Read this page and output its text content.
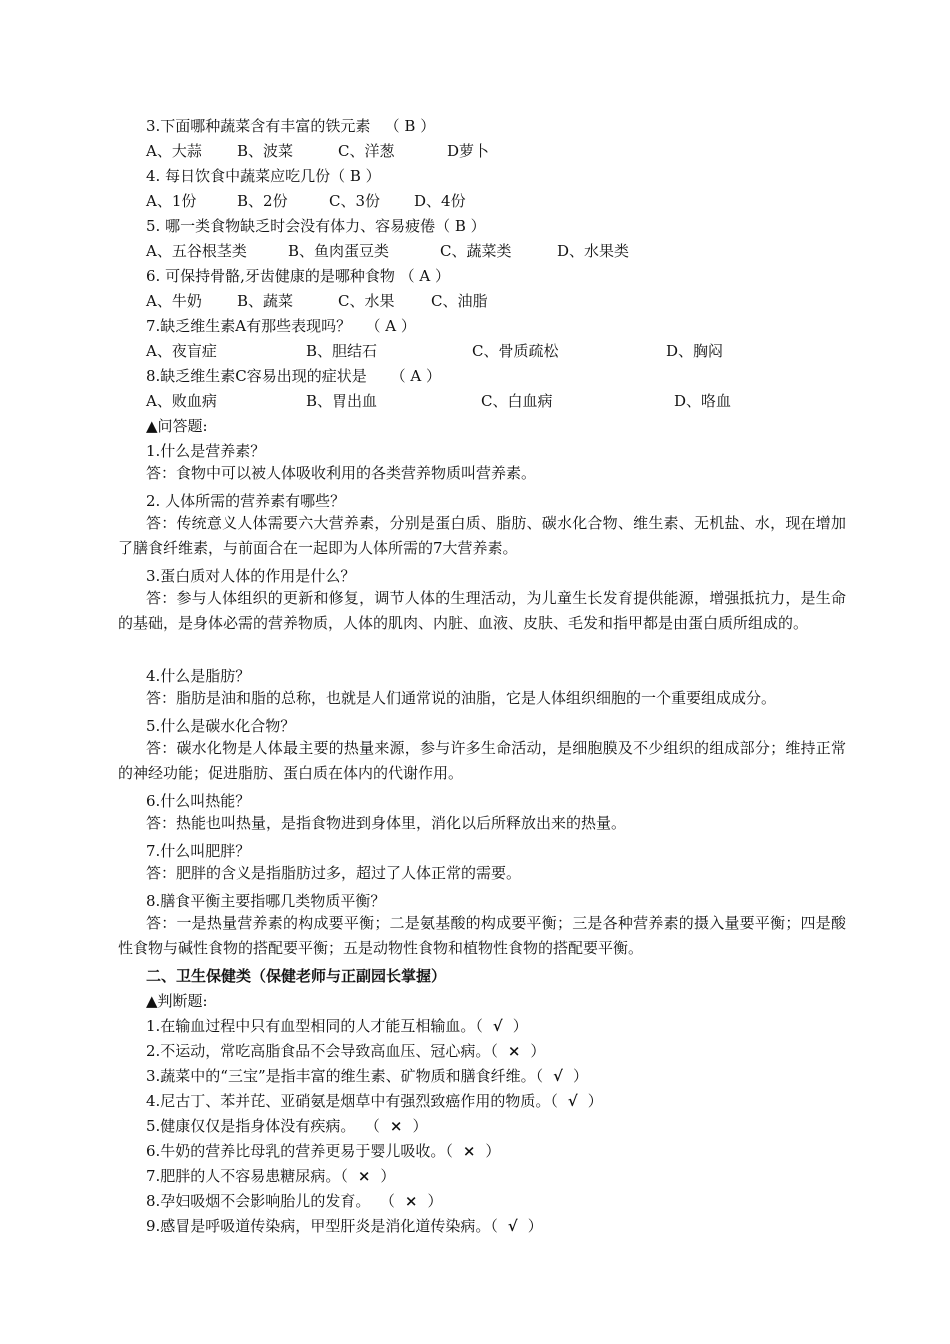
3.下面哪种蔬菜含有丰富的铁元素 （ B ）
A、大蒜 B、波菜	C、洋葱	D萝卜
4. 每日饮食中蔬菜应吃几份（ B ）
A、1份	B、2份	C、3份 D、4份
5. 哪一类食物缺乏时会没有体力、容易疲倦（ B ）
A、五谷根茎类	B、鱼肉蛋豆类	C、蔬菜类	D、水果类
6. 可保持骨骼,牙齿健康的是哪种食物 （ A ）
A、牛奶 B、蔬菜	C、水果 C、油脂
7.缺乏维生素A有那些表现吗？ （ A ）
A、夜盲症	B、胆结石	C、骨质疏松	D、胸闷
8.缺乏维生素C容易出现的症状是 （ A ）
A、败血病	B、胃出血	C、白血病	D、咯血
▲问答题:
1.什么是营养素？
答：食物中可以被人体吸收利用的各类营养物质叫营养素。
2. 人体所需的营养素有哪些？
答：传统意义人体需要六大营养素，分别是蛋白质、脂肪、碳水化合物、维生素、无机盐、水，现在增加了膳食纤维素，与前面合在一起即为人体所需的7大营养素。
3.蛋白质对人体的作用是什么？
答：参与人体组织的更新和修复，调节人体的生理活动，为儿童生长发育提供能源，增强抵抗力，是生命的基础，是身体必需的营养物质，人体的肌肉、内脏、血液、皮肤、毛发和指甲都是由蛋白质所组成的。
4.什么是脂肪？
答：脂肪是油和脂的总称，也就是人们通常说的油脂，它是人体组织细胞的一个重要组成成分。
5.什么是碳水化合物？
答：碳水化物是人体最主要的热量来源，参与许多生命活动，是细胞膜及不少组织的组成部分；维持正常的神经功能；促进脂肪、蛋白质在体内的代谢作用。
6.什么叫热能？
答：热能也叫热量，是指食物进到身体里，消化以后所释放出来的热量。
7.什么叫肥胖？
答：肥胖的含义是指脂肪过多，超过了人体正常的需要。
8.膳食平衡主要指哪几类物质平衡？
答：一是热量营养素的构成要平衡；二是氨基酸的构成要平衡；三是各种营养素的摄入量要平衡；四是酸性食物与碱性食物的搭配要平衡；五是动物性食物和植物性食物的搭配要平衡。
二、卫生保健类（保健老师与正副园长掌握）
▲判断题:
1.在输血过程中只有血型相同的人才能互相输血。（ √ ）
2.不运动，常吃高脂食品不会导致高血压、冠心病。（ × ）
3.蔬菜中的“三宝”是指丰富的维生素、矿物质和膳食纤维。（ √ ）
4.尼古丁、苯并芘、亚硝氨是烟草中有强烈致癌作用的物质。（ √ ）
5.健康仅仅是指身体没有疾病。  （ × ）
6.牛奶的营养比母乳的营养更易于婴儿吸收。（ × ）
7.肥胖的人不容易患糖尿病。（ × ）
8.孕妇吸烟不会影响胎儿的发育。  （ × ）
9.感冒是呼吸道传染病，甲型肝炎是消化道传染病。（ √ ）
